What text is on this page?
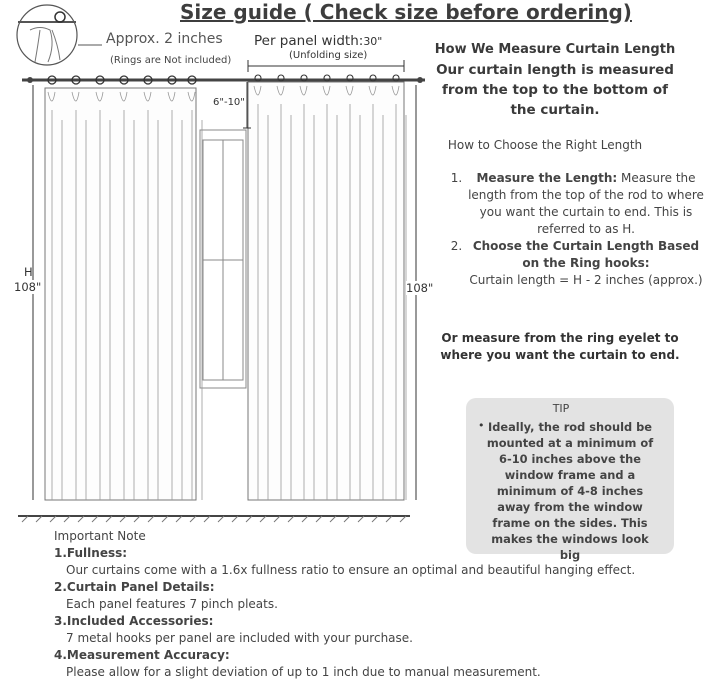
Size guide ( Check size before ordering)
Approx. 2 inches
(Rings are Not included)
Per panel width:30"
(Unfolding size)
6"-10"
H
108"	108"
How We Measure Curtain Length
Our curtain length is measured from the top to the bottom of the curtain.
How to Choose the Right Length
1. Measure the Length: Measure the length from the top of the rod to where you want the curtain to end. This is referred to as H.
2. Choose the Curtain Length Based on the Ring hooks:
Curtain length = H - 2 inches (approx.)
Or measure from the ring eyelet to where you want the curtain to end.
TIP
• Ideally, the rod should be mounted at a minimum of 6-10 inches above the window frame and a minimum of 4-8 inches away from the window frame on the sides. This makes the windows look big
Important Note
1.Fullness:
Our curtains come with a 1.6x fullness ratio to ensure an optimal and beautiful hanging effect.
2.Curtain Panel Details:
Each panel features 7 pinch pleats.
3.Included Accessories:
7 metal hooks per panel are included with your purchase.
4.Measurement Accuracy:
Please allow for a slight deviation of up to 1 inch due to manual measurement.
